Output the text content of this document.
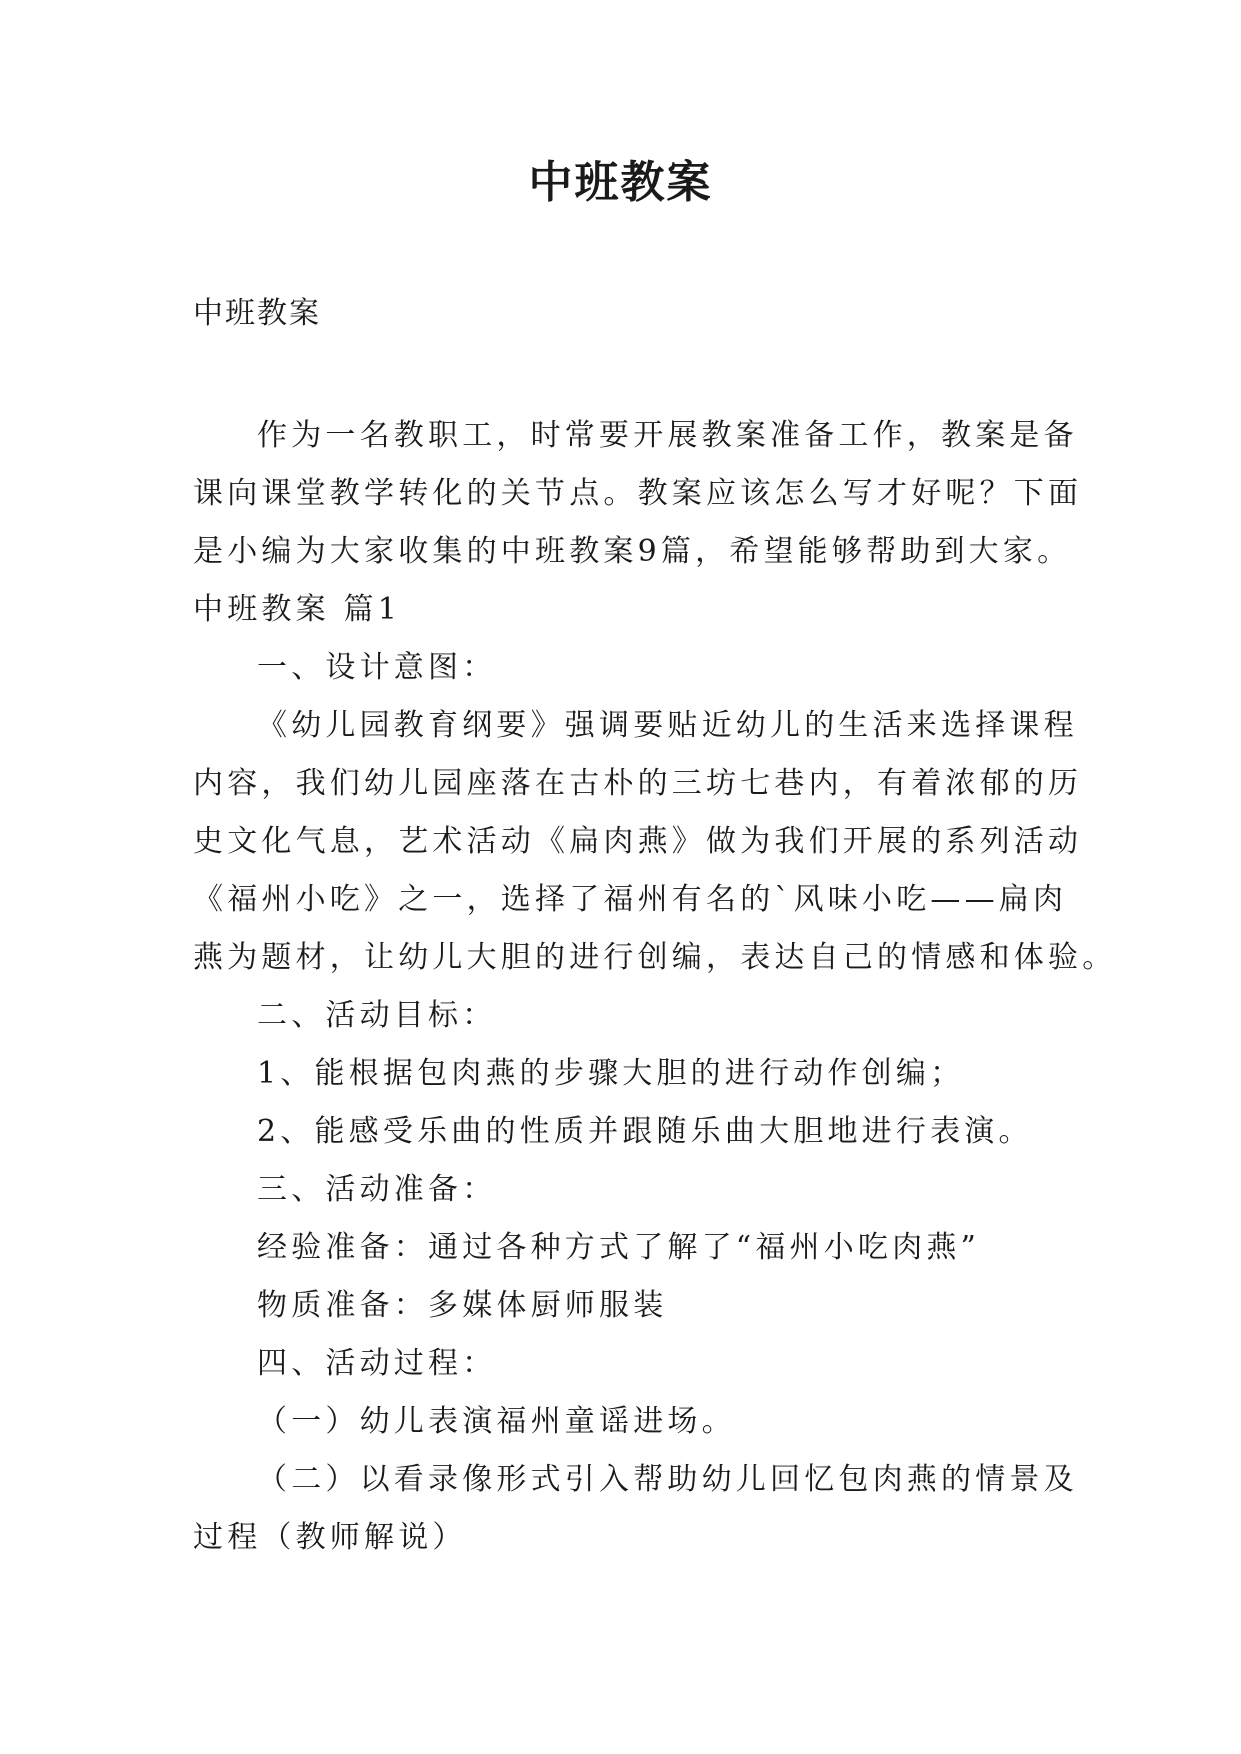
中班教案
中班教案
作为一名教职工，时常要开展教案准备工作，教案是备
课向课堂教学转化的关节点。教案应该怎么写才好呢？下面
是小编为大家收集的中班教案9篇，希望能够帮助到大家。
中班教案 篇1
一、设计意图：
《幼儿园教育纲要》强调要贴近幼儿的生活来选择课程
内容，我们幼儿园座落在古朴的三坊七巷内，有着浓郁的历
史文化气息，艺术活动《扁肉燕》做为我们开展的系列活动
《福州小吃》之一，选择了福州有名的`风味小吃——扁肉
燕为题材，让幼儿大胆的进行创编，表达自己的情感和体验。
二、活动目标：
1、能根据包肉燕的步骤大胆的进行动作创编；
2、能感受乐曲的性质并跟随乐曲大胆地进行表演。
三、活动准备：
经验准备：通过各种方式了解了“福州小吃肉燕”
物质准备：多媒体厨师服装
四、活动过程：
（一）幼儿表演福州童谣进场。
（二）以看录像形式引入帮助幼儿回忆包肉燕的情景及
过程（教师解说）
